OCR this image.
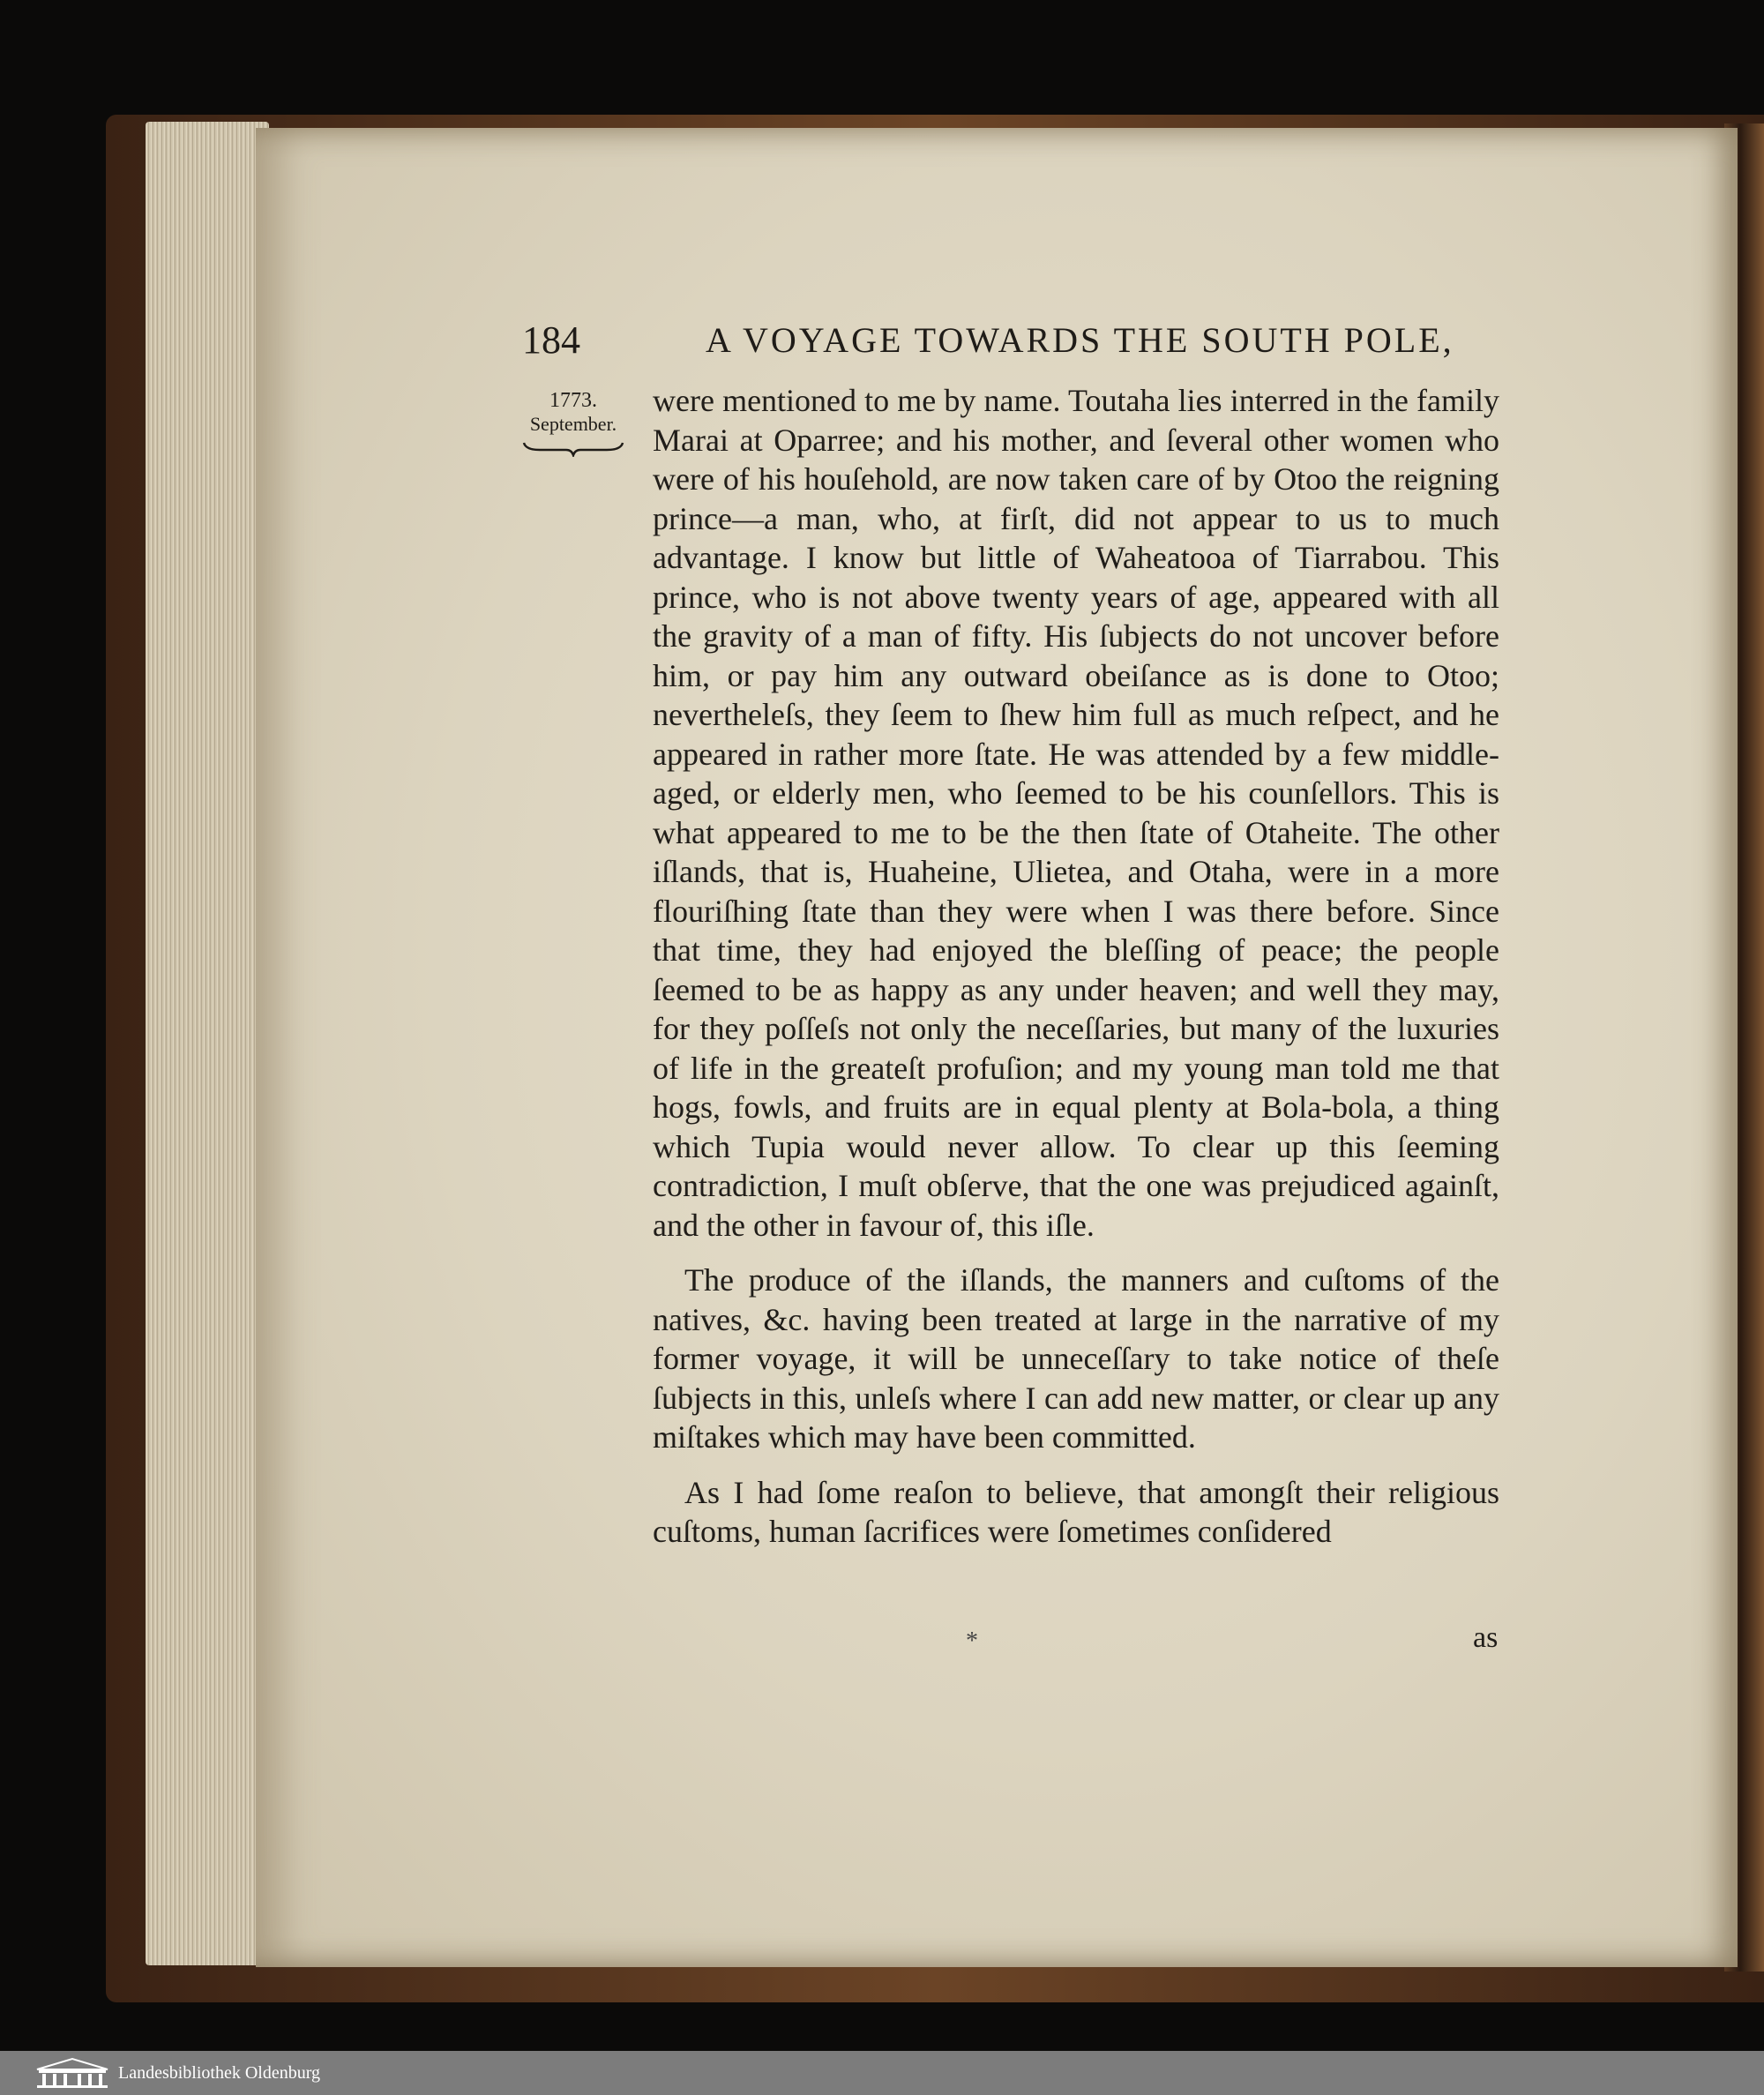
184	A VOYAGE TOWARDS THE SOUTH POLE,
1773.
September.

were mentioned to me by name. Toutaha lies interred in the family Marai at Oparree; and his mother, and ſeveral other women who were of his houſehold, are now taken care of by Otoo the reigning prince—a man, who, at firſt, did not appear to us to much advantage. I know but little of Waheatooa of Tiarrabou. This prince, who is not above twenty years of age, appeared with all the gravity of a man of fifty. His ſubjects do not uncover before him, or pay him any outward obeiſance as is done to Otoo; nevertheleſs, they ſeem to ſhew him full as much reſpect, and he appeared in rather more ſtate. He was attended by a few middle-aged, or elderly men, who ſeemed to be his counſellors. This is what appeared to me to be the then ſtate of Otaheite. The other iſlands, that is, Huaheine, Ulietea, and Otaha, were in a more flouriſhing ſtate than they were when I was there before. Since that time, they had enjoyed the bleſſing of peace; the people ſeemed to be as happy as any under heaven; and well they may, for they poſſeſs not only the neceſſaries, but many of the luxuries of life in the greateſt profuſion; and my young man told me that hogs, fowls, and fruits are in equal plenty at Bola-bola, a thing which Tupia would never allow. To clear up this ſeeming contradiction, I muſt obſerve, that the one was prejudiced againſt, and the other in favour of, this iſle.

The produce of the iſlands, the manners and cuſtoms of the natives, &c. having been treated at large in the narrative of my former voyage, it will be unneceſſary to take notice of theſe ſubjects in this, unleſs where I can add new matter, or clear up any miſtakes which may have been committed.

As I had ſome reaſon to believe, that amongſt their religious cuſtoms, human ſacrifices were ſometimes conſidered

*	as
Landesbibliothek Oldenburg
